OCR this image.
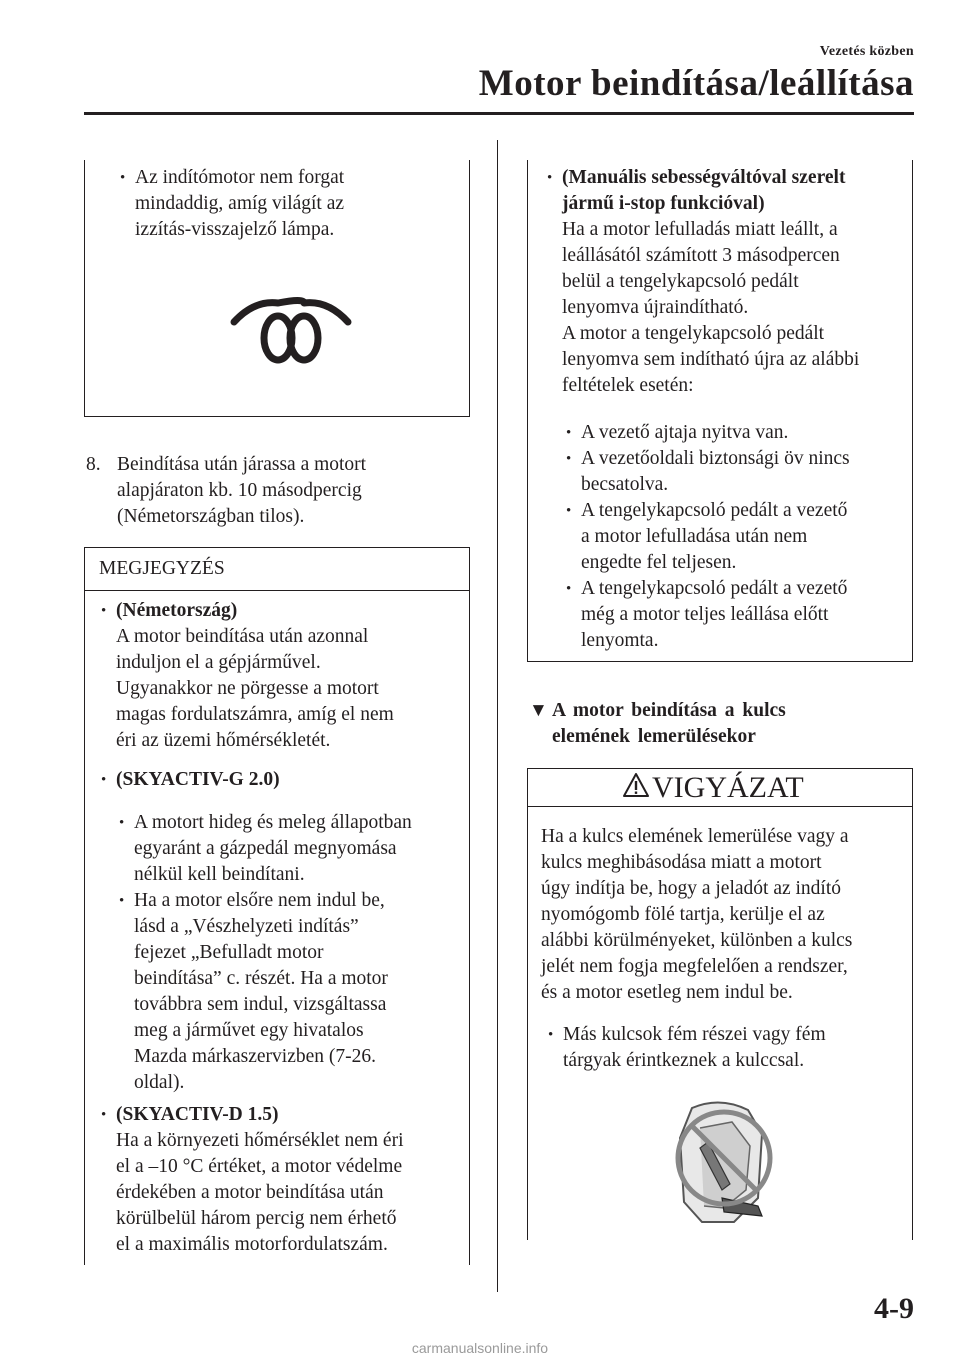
Vezetés közben
Motor beindítása/leállítása
• Az indítómotor nem forgat
mindaddig, amíg világít az
izzítás-visszajelző lámpa.
8. Beindítása után járassa a motort
alapjáraton kb. 10 másodpercig
(Németországban tilos).
MEGJEGYZÉS
• (Németország)
A motor beindítása után azonnal
induljon el a gépjárművel.
Ugyanakkor ne pörgesse a motort
magas fordulatszámra, amíg el nem
éri az üzemi hőmérsékletét.
• (SKYACTIV-G 2.0)
• A motort hideg és meleg állapotban
egyaránt a gázpedál megnyomása
nélkül kell beindítani.
• Ha a motor elsőre nem indul be,
lásd a „Vészhelyzeti indítás”
fejezet „Befulladt motor
beindítása” c. részét. Ha a motor
továbbra sem indul, vizsgáltassa
meg a járművet egy hivatalos
Mazda márkaszervizben (7-26.
oldal).
• (SKYACTIV-D 1.5)
Ha a környezeti hőmérséklet nem éri
el a –10 °C értéket, a motor védelme
érdekében a motor beindítása után
körülbelül három percig nem érhető
el a maximális motorfordulatszám.
• (Manuális sebességváltóval szerelt
jármű i-stop funkcióval)
Ha a motor lefulladás miatt leállt, a
leállásától számított 3 másodpercen
belül a tengelykapcsoló pedált
lenyomva újraindítható.
A motor a tengelykapcsoló pedált
lenyomva sem indítható újra az alábbi
feltételek esetén:
• A vezető ajtaja nyitva van.
• A vezetőoldali biztonsági öv nincs
becsatolva.
• A tengelykapcsoló pedált a vezető
a motor lefulladása után nem
engedte fel teljesen.
• A tengelykapcsoló pedált a vezető
még a motor teljes leállása előtt
lenyomta.
▼ A motor beindítása a kulcs
elemének lemerülésekor
VIGYÁZAT
Ha a kulcs elemének lemerülése vagy a
kulcs meghibásodása miatt a motort
úgy indítja be, hogy a jeladót az indító
nyomógomb fölé tartja, kerülje el az
alábbi körülményeket, különben a kulcs
jelét nem fogja megfelelően a rendszer,
és a motor esetleg nem indul be.
• Más kulcsok fém részei vagy fém
tárgyak érintkeznek a kulccsal.
4-9
carmanualsonline.info
